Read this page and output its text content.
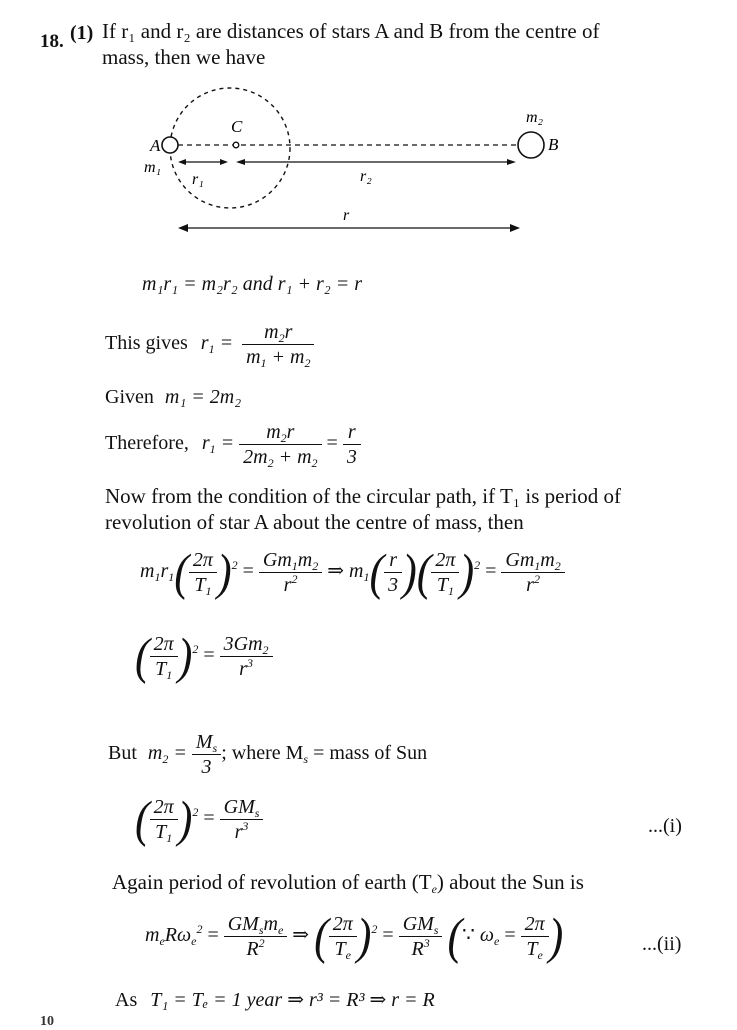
18. (1) If r₁ and r₂ are distances of stars A and B from the centre of
mass, then we have
A	B
C
m₁
m₂
r₁	r₂
r
m₁r₁ = m₂r₂ and r₁ + r₂ = r
This gives $r_1 = \frac{m_2r}{m_1 + m_2}$
Given m₁ = 2m₂
Therefore, $r_1 = \frac{m_2r}{2m_2 + m_2} = \frac{r}{3}$
Now from the condition of the circular path, if T₁ is period of
revolution of star A about the centre of mass, then
$m_1r_1( \frac{2\pi}{T_1} )^2 = \frac{Gm_1m_2}{r^2}$ ⇒ $m_1( \frac{r}{3}$ )( $\frac{2\pi}{T_1} )^2 = \frac{Gm_1m_2}{r^2}$
( $\frac{2\pi}{T_1} )^2 = \frac{3Gm_2}{r^3}$
But $m_2 = \frac{M_s}{3}$ ; where $M_s$ = mass of Sun
( $\frac{2\pi}{T_1} )^2 = \frac{GM_s}{r^3}$	...(i)
Again period of revolution of earth $(T_e)$ about the Sun is
$m_eR\omega_e^2 = \frac{GM_sm_e}{R^2}$ ⇒ ( $\frac{2\pi}{T_e} )^2 = \frac{GM_s}{R^3}$ (∵ $\omega_e = \frac{2\pi}{T_e}$ )	...(ii)
As T₁ = Tₑ = 1 year ⇒ r³ = R³ ⇒ r = R
10
